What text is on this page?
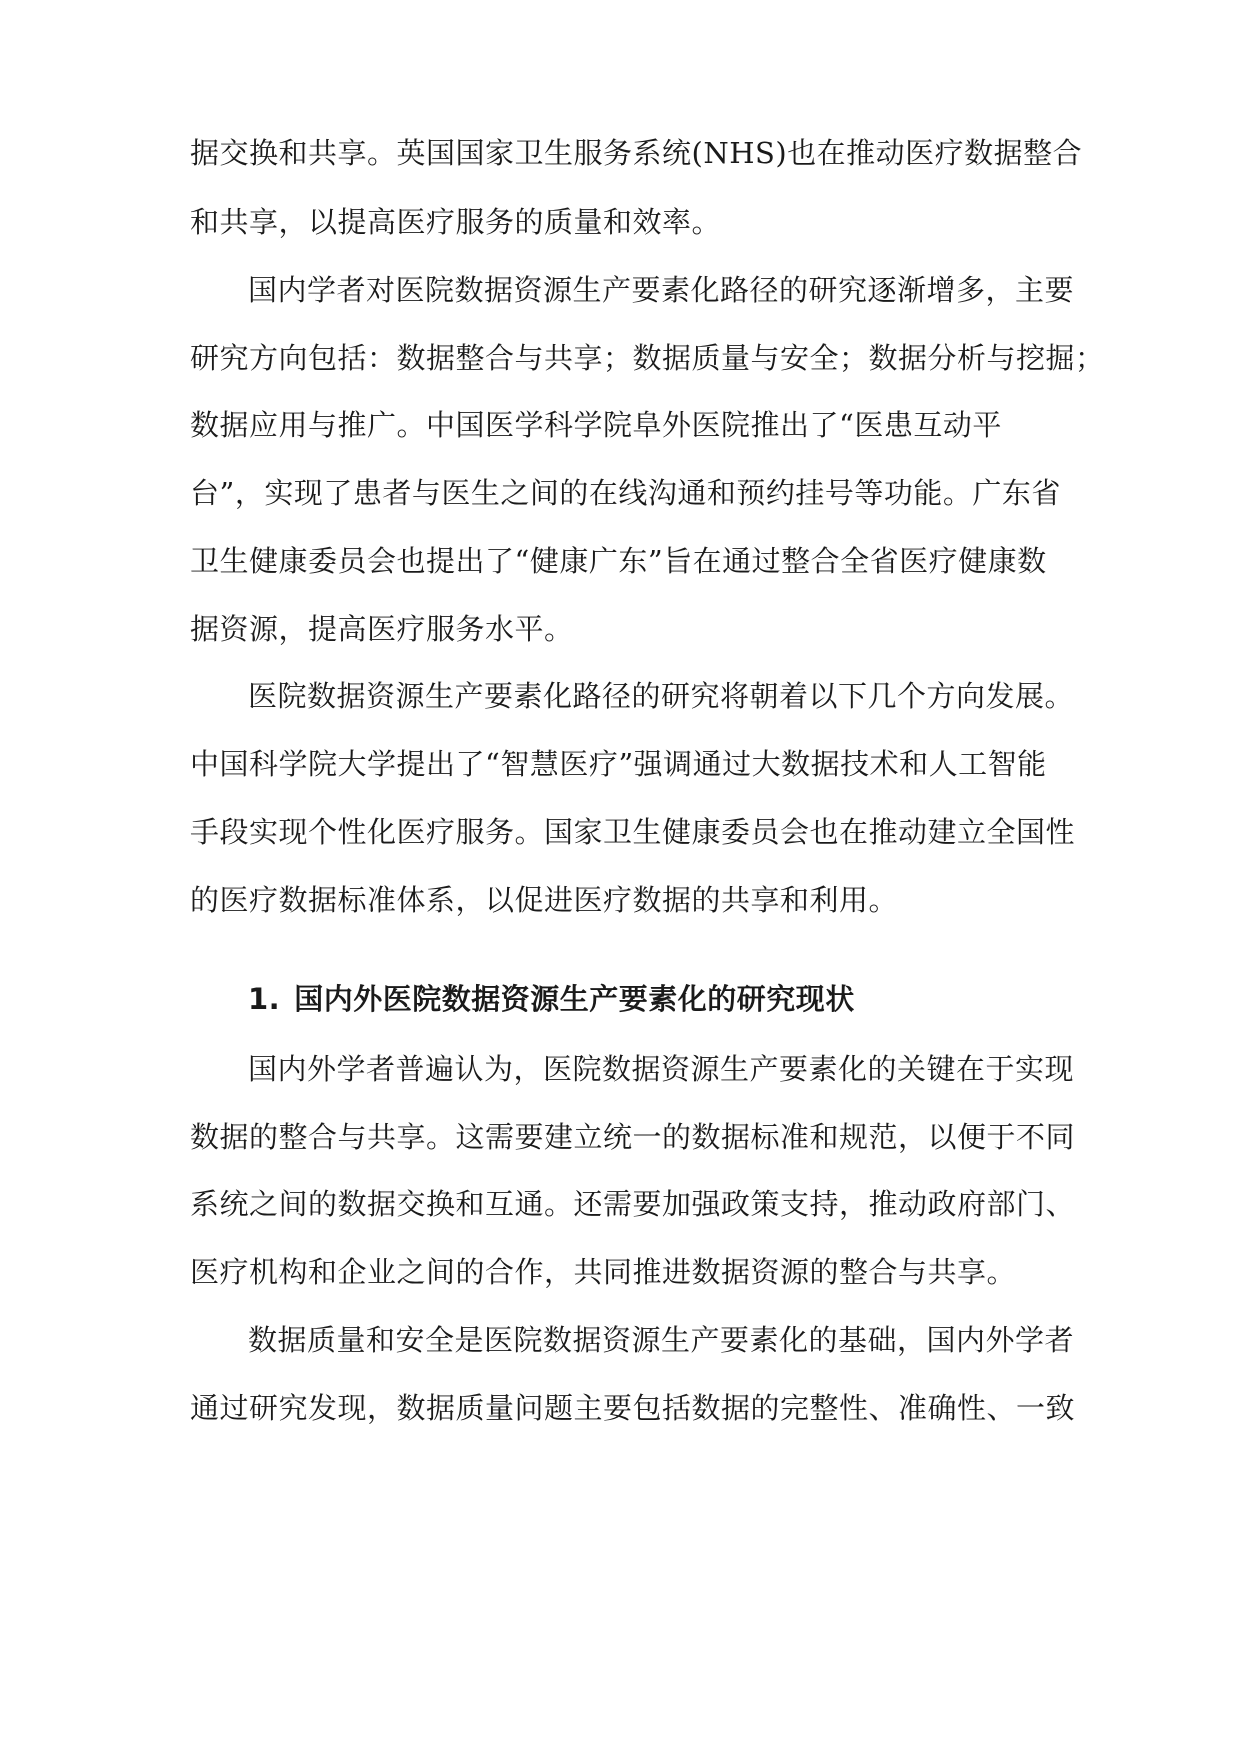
据交换和共享。英国国家卫生服务系统(NHS)也在推动医疗数据整合
和共享，以提高医疗服务的质量和效率。
国内学者对医院数据资源生产要素化路径的研究逐渐增多，主要
研究方向包括：数据整合与共享；数据质量与安全；数据分析与挖掘；
数据应用与推广。中国医学科学院阜外医院推出了“医患互动平
台”，实现了患者与医生之间的在线沟通和预约挂号等功能。广东省
卫生健康委员会也提出了“健康广东”旨在通过整合全省医疗健康数
据资源，提高医疗服务水平。
医院数据资源生产要素化路径的研究将朝着以下几个方向发展。
中国科学院大学提出了“智慧医疗”强调通过大数据技术和人工智能
手段实现个性化医疗服务。国家卫生健康委员会也在推动建立全国性
的医疗数据标准体系，以促进医疗数据的共享和利用。
1. 国内外医院数据资源生产要素化的研究现状
国内外学者普遍认为，医院数据资源生产要素化的关键在于实现
数据的整合与共享。这需要建立统一的数据标准和规范，以便于不同
系统之间的数据交换和互通。还需要加强政策支持，推动政府部门、
医疗机构和企业之间的合作，共同推进数据资源的整合与共享。
数据质量和安全是医院数据资源生产要素化的基础，国内外学者
通过研究发现，数据质量问题主要包括数据的完整性、准确性、一致
